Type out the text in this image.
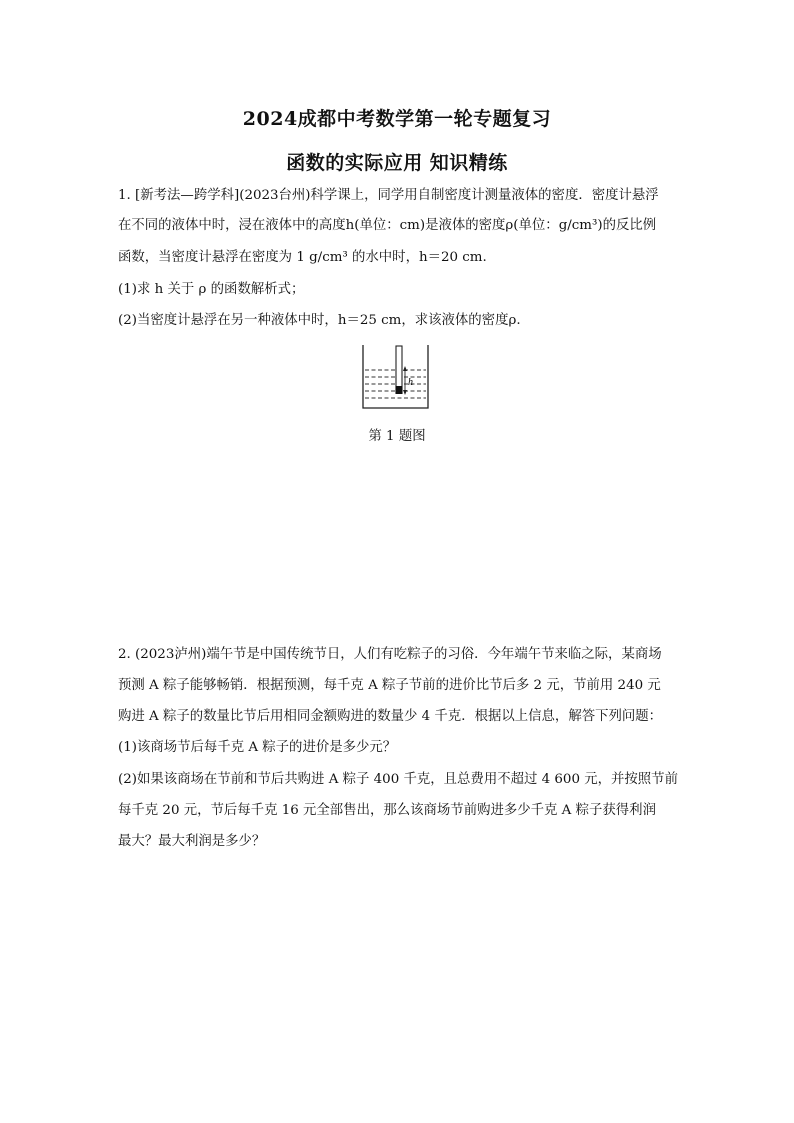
2024成都中考数学第一轮专题复习
函数的实际应用 知识精练
1. [新考法—跨学科](2023台州)科学课上，同学用自制密度计测量液体的密度．密度计悬浮
在不同的液体中时，浸在液体中的高度h(单位：cm)是液体的密度ρ(单位：g/cm³)的反比例
函数，当密度计悬浮在密度为 1 g/cm³ 的水中时，h＝20 cm.
(1)求 h 关于 ρ 的函数解析式；
(2)当密度计悬浮在另一种液体中时，h＝25 cm，求该液体的密度ρ.
h
第 1 题图
2. (2023泸州)端午节是中国传统节日，人们有吃粽子的习俗．今年端午节来临之际，某商场
预测 A 粽子能够畅销．根据预测，每千克 A 粽子节前的进价比节后多 2 元，节前用 240 元
购进 A 粽子的数量比节后用相同金额购进的数量少 4 千克．根据以上信息，解答下列问题：
(1)该商场节后每千克 A 粽子的进价是多少元？
(2)如果该商场在节前和节后共购进 A 粽子 400 千克，且总费用不超过 4 600 元，并按照节前
每千克 20 元，节后每千克 16 元全部售出，那么该商场节前购进多少千克 A 粽子获得利润
最大？最大利润是多少？
